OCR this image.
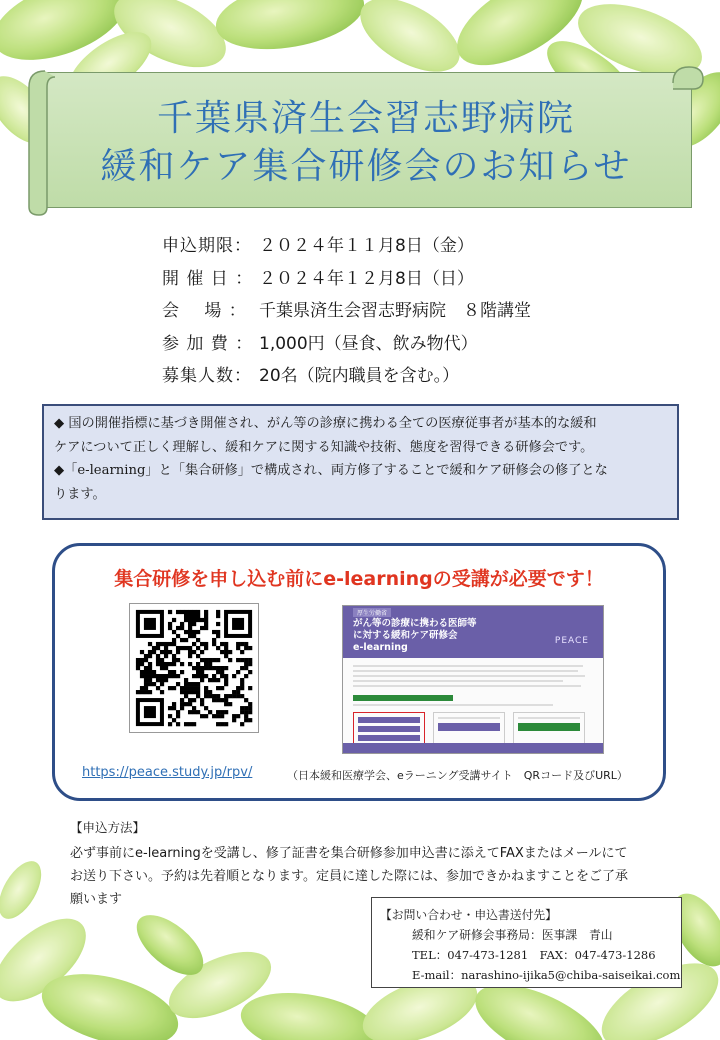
千葉県済生会習志野病院
緩和ケア集合研修会のお知らせ
申込期限： ２０２４年１１月8日（金）
開 催 日 ： ２０２４年１２月8日（日）
会　 場 ： 千葉県済生会習志野病院　８階講堂
参 加 費 ： 1,000円（昼食、飲み物代）
募集人数： 20名（院内職員を含む。）

◆ 国の開催指標に基づき開催され、がん等の診療に携わる全ての医療従事者が基本的な緩和

ケアについて正しく理解し、緩和ケアに関する知識や技術、態度を習得できる研修会です。

◆「e-learning」と「集合研修」で構成され、両方修了することで緩和ケア研修会の修了とな

ります。

集合研修を申し込む前にe-learningの受講が必要です！
厚生労働省
がん等の診療に携わる医師等
に対する緩和ケア研修会
e-learning
PEACE
https://peace.study.jp/rpv/	（日本緩和医療学会、eラーニング受講サイト　QRコード及びURL）
【申込方法】
必ず事前にe-learningを受講し、修了証書を集合研修参加申込書に添えてFAXまたはメールにて
お送り下さい。予約は先着順となります。定員に達した際には、参加できかねますことをご了承
願います
【お問い合わせ・申込書送付先】
緩和ケア研修会事務局：医事課　青山
TEL：047-473-1281　FAX：047-473-1286
E-mail：narashino-ijika5@chiba-saiseikai.com
